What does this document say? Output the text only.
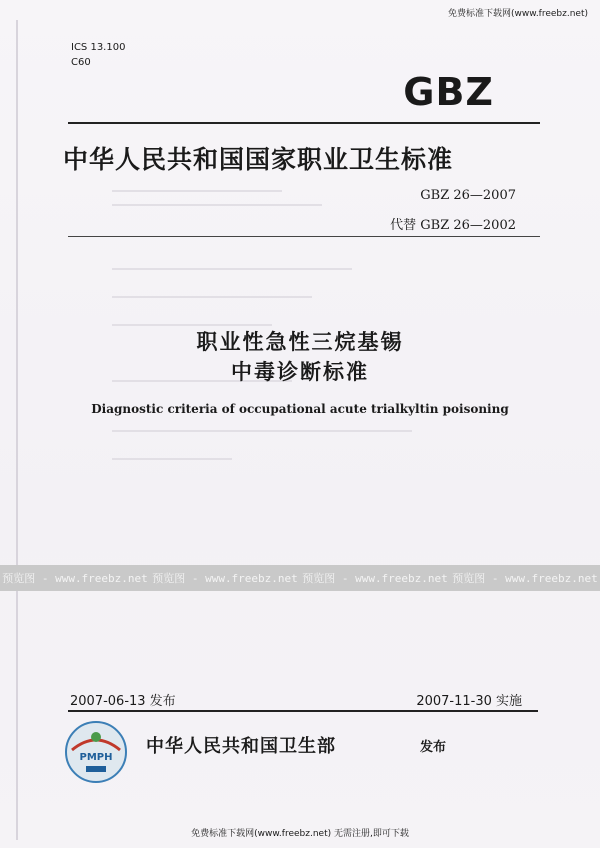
免费标准下载网(www.freebz.net)
ICS 13.100
C60
GBZ
中华人民共和国国家职业卫生标准
GBZ 26—2007
代替 GBZ 26—2002
职业性急性三烷基锡
中毒诊断标准
Diagnostic criteria of occupational acute trialkyltin poisoning
预览图 - www.freebz.net 预览图 - www.freebz.net 预览图 - www.freebz.net 预览图 - www.freebz.net
2007-06-13 发布	2007-11-30 实施
PMPH
中华人民共和国卫生部	发布
免费标准下载网(www.freebz.net) 无需注册,即可下载
